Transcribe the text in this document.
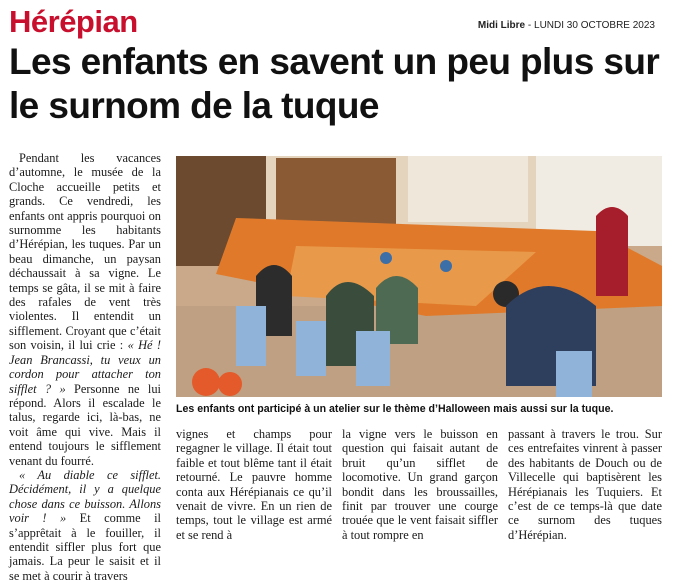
Hérépian	Midi Libre - LUNDI 30 OCTOBRE 2023
Les enfants en savent un peu plus sur le surnom de la tuque

Pendant les vacances d’automne, le musée de la Cloche accueille petits et grands. Ce vendredi, les enfants ont appris pourquoi on surnomme les habitants d’Hérépian, les tuques. Par un beau dimanche, un paysan déchaussait à sa vigne. Le temps se gâta, il se mit à faire des rafales de vent très violentes. Il entendit un sifflement. Croyant que c’était son voisin, il lui crie : « Hé ! Jean Brancassi, tu veux un cordon pour attacher ton sifflet ? » Personne ne lui répond. Alors il escalade le talus, regarde ici, là-bas, ne voit âme qui vive. Mais il entend toujours le sifflement venant du fourré.

« Au diable ce sifflet. Décidément, il y a quelque chose dans ce buisson. Allons voir ! » Et comme il s’apprêtait à le fouiller, il entendit siffler plus fort que jamais. La peur le saisit et il se met à courir à travers

Les enfants ont participé à un atelier sur le thème d’Halloween mais aussi sur la tuque.

vignes et champs pour regagner le village. Il était tout faible et tout blême tant il était retourné. Le pauvre homme conta aux Hérépianais ce qu’il venait de vivre. En un rien de temps, tout le village est armé et se rend à

la vigne vers le buisson en question qui faisait autant de bruit qu’un sifflet de locomotive. Un grand garçon bondit dans les broussailles, finit par trouver une courge trouée que le vent faisait siffler à tout rompre en

passant à travers le trou. Sur ces entrefaites vinrent à passer des habitants de Douch ou de Villecelle qui baptisèrent les Hérépianais les Tuquiers. Et c’est de ce temps-là que date ce surnom des tuques d’Hérépian.
